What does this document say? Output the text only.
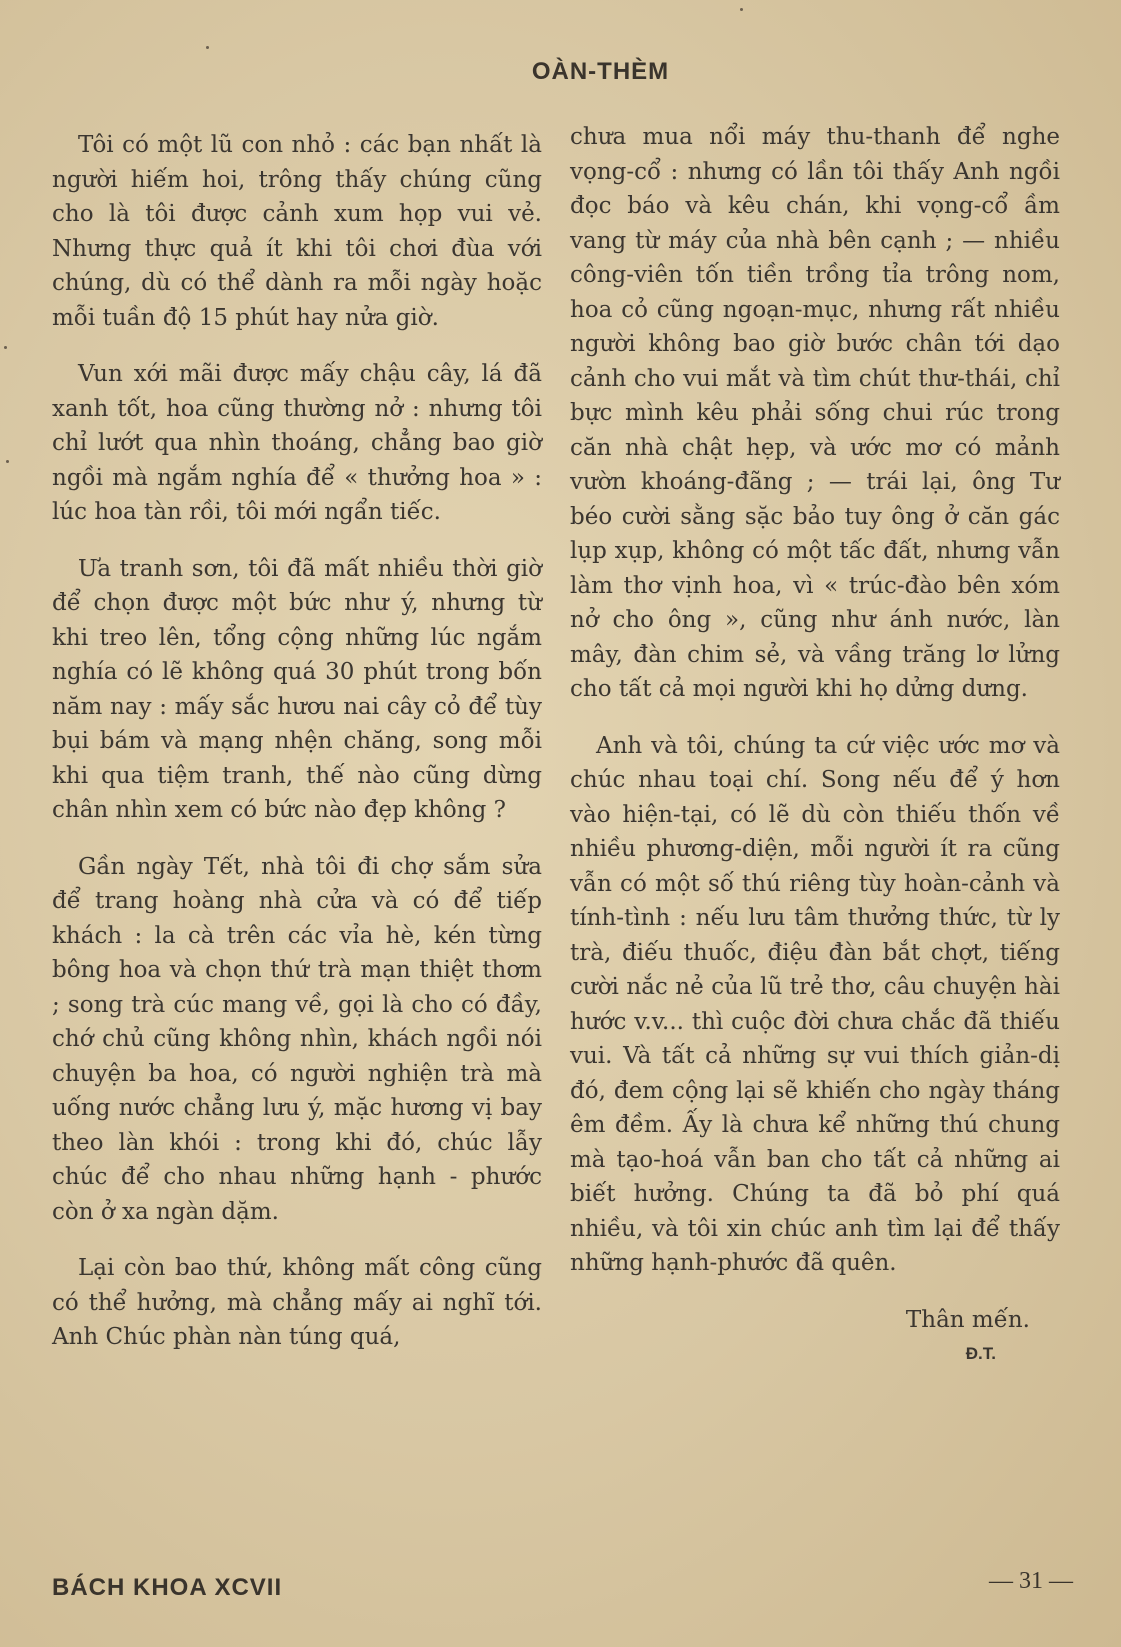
OÀN-THÈM

Tôi có một lũ con nhỏ : các bạn nhất là người hiếm hoi, trông thấy chúng cũng cho là tôi được cảnh xum họp vui vẻ. Nhưng thực quả ít khi tôi chơi đùa với chúng, dù có thể dành ra mỗi ngày hoặc mỗi tuần độ 15 phút hay nửa giờ.

Vun xới mãi được mấy chậu cây, lá đã xanh tốt, hoa cũng thường nở : nhưng tôi chỉ lướt qua nhìn thoáng, chẳng bao giờ ngồi mà ngắm nghía để « thưởng hoa » : lúc hoa tàn rồi, tôi mới ngẩn tiếc.

Ưa tranh sơn, tôi đã mất nhiều thời giờ để chọn được một bức như ý, nhưng từ khi treo lên, tổng cộng những lúc ngắm nghía có lẽ không quá 30 phút trong bốn năm nay : mấy sắc hươu nai cây cỏ để tùy bụi bám và mạng nhện chăng, song mỗi khi qua tiệm tranh, thế nào cũng dừng chân nhìn xem có bức nào đẹp không ?

Gần ngày Tết, nhà tôi đi chợ sắm sửa để trang hoàng nhà cửa và có để tiếp khách : la cà trên các vỉa hè, kén từng bông hoa và chọn thứ trà mạn thiệt thơm ; song trà cúc mang về, gọi là cho có đầy, chớ chủ cũng không nhìn, khách ngồi nói chuyện ba hoa, có người nghiện trà mà uống nước chẳng lưu ý, mặc hương vị bay theo làn khói : trong khi đó, chúc lẫy chúc để cho nhau những hạnh - phước còn ở xa ngàn dặm.

Lại còn bao thứ, không mất công cũng có thể hưởng, mà chẳng mấy ai nghĩ tới. Anh Chúc phàn nàn túng quá,

chưa mua nổi máy thu-thanh để nghe vọng-cổ : nhưng có lần tôi thấy Anh ngồi đọc báo và kêu chán, khi vọng-cổ ầm vang từ máy của nhà bên cạnh ; — nhiều công-viên tốn tiền trồng tỉa trông nom, hoa cỏ cũng ngoạn-mục, nhưng rất nhiều người không bao giờ bước chân tới dạo cảnh cho vui mắt và tìm chút thư-thái, chỉ bực mình kêu phải sống chui rúc trong căn nhà chật hẹp, và ước mơ có mảnh vườn khoáng-đãng ; — trái lại, ông Tư béo cười sằng sặc bảo tuy ông ở căn gác lụp xụp, không có một tấc đất, nhưng vẫn làm thơ vịnh hoa, vì « trúc-đào bên xóm nở cho ông », cũng như ánh nước, làn mây, đàn chim sẻ, và vầng trăng lơ lửng cho tất cả mọi người khi họ dửng dưng.

Anh và tôi, chúng ta cứ việc ước mơ và chúc nhau toại chí. Song nếu để ý hơn vào hiện-tại, có lẽ dù còn thiếu thốn về nhiều phương-diện, mỗi người ít ra cũng vẫn có một số thú riêng tùy hoàn-cảnh và tính-tình : nếu lưu tâm thưởng thức, từ ly trà, điếu thuốc, điệu đàn bắt chợt, tiếng cười nắc nẻ của lũ trẻ thơ, câu chuyện hài hước v.v... thì cuộc đời chưa chắc đã thiếu vui. Và tất cả những sự vui thích giản-dị đó, đem cộng lại sẽ khiến cho ngày tháng êm đềm. Ấy là chưa kể những thú chung mà tạo-hoá vẫn ban cho tất cả những ai biết hưởng. Chúng ta đã bỏ phí quá nhiều, và tôi xin chúc anh tìm lại để thấy những hạnh-phước đã quên.

Thân mến.
Đ.T.
BÁCH KHOA XCVII	— 31 —
